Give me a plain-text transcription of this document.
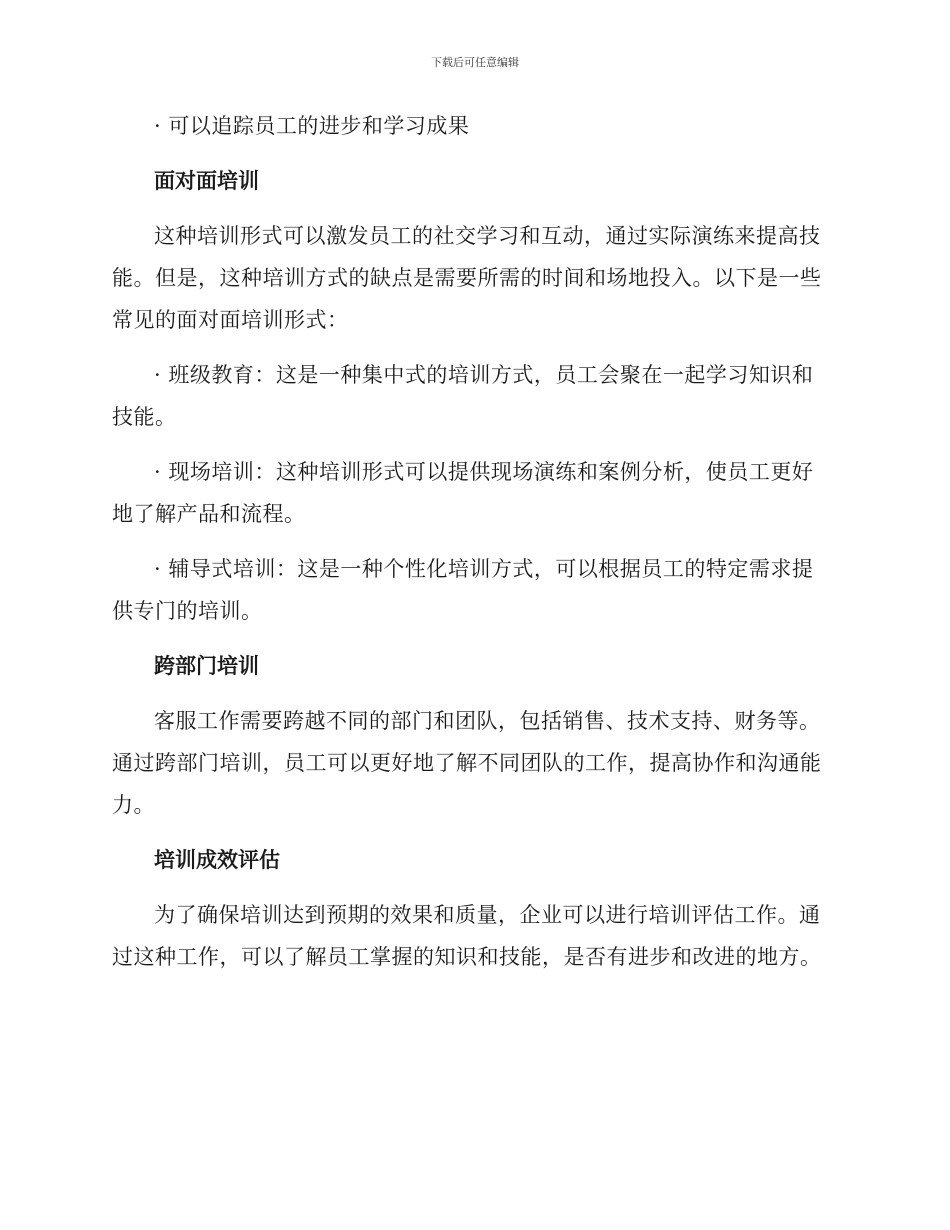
下载后可任意编辑

· 可以追踪员工的进步和学习成果

面对面培训

这种培训形式可以激发员工的社交学习和互动，通过实际演练来提高技能。但是，这种培训方式的缺点是需要所需的时间和场地投入。以下是一些常见的面对面培训形式：

· 班级教育：这是一种集中式的培训方式，员工会聚在一起学习知识和技能。

· 现场培训：这种培训形式可以提供现场演练和案例分析，使员工更好地了解产品和流程。

· 辅导式培训：这是一种个性化培训方式，可以根据员工的特定需求提供专门的培训。

跨部门培训

客服工作需要跨越不同的部门和团队，包括销售、技术支持、财务等。通过跨部门培训，员工可以更好地了解不同团队的工作，提高协作和沟通能力。

培训成效评估

为了确保培训达到预期的效果和质量，企业可以进行培训评估工作。通过这种工作，可以了解员工掌握的知识和技能，是否有进步和改进的地方。
